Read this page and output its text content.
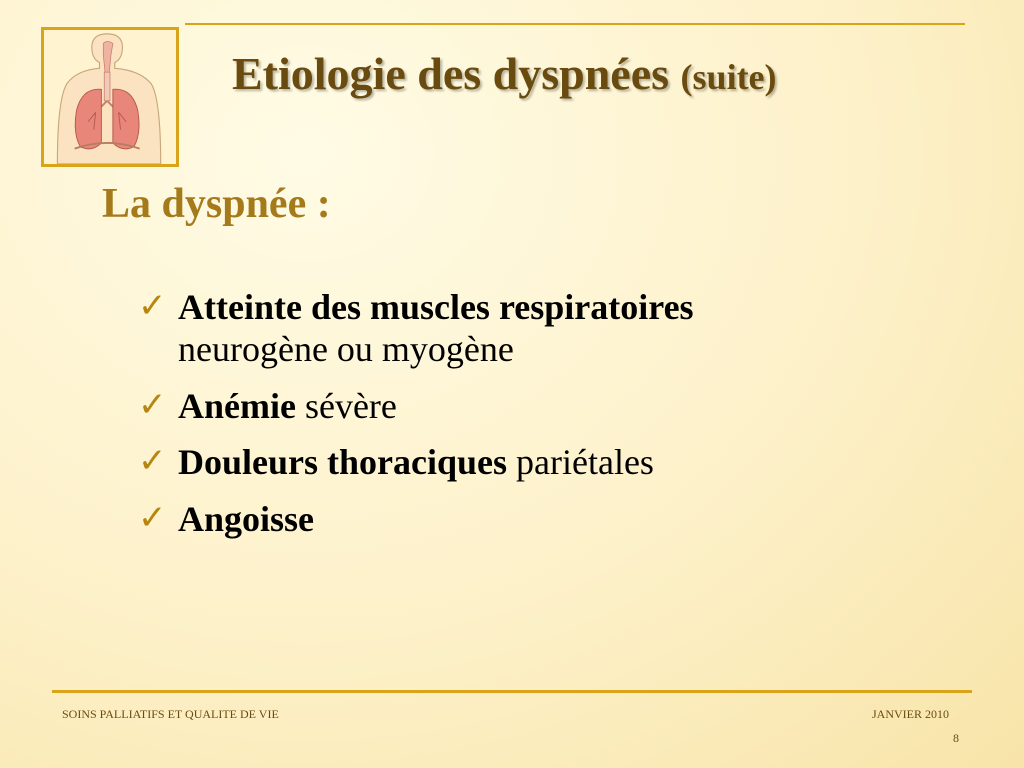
Etiologie des dyspnées (suite)
La dyspnée :
✓ Atteinte des muscles respiratoires
neurogène ou myogène
✓ Anémie sévère
✓ Douleurs thoraciques pariétales
✓ Angoisse
SOINS PALLIATIFS ET QUALITE DE VIE	JANVIER 2010
8
